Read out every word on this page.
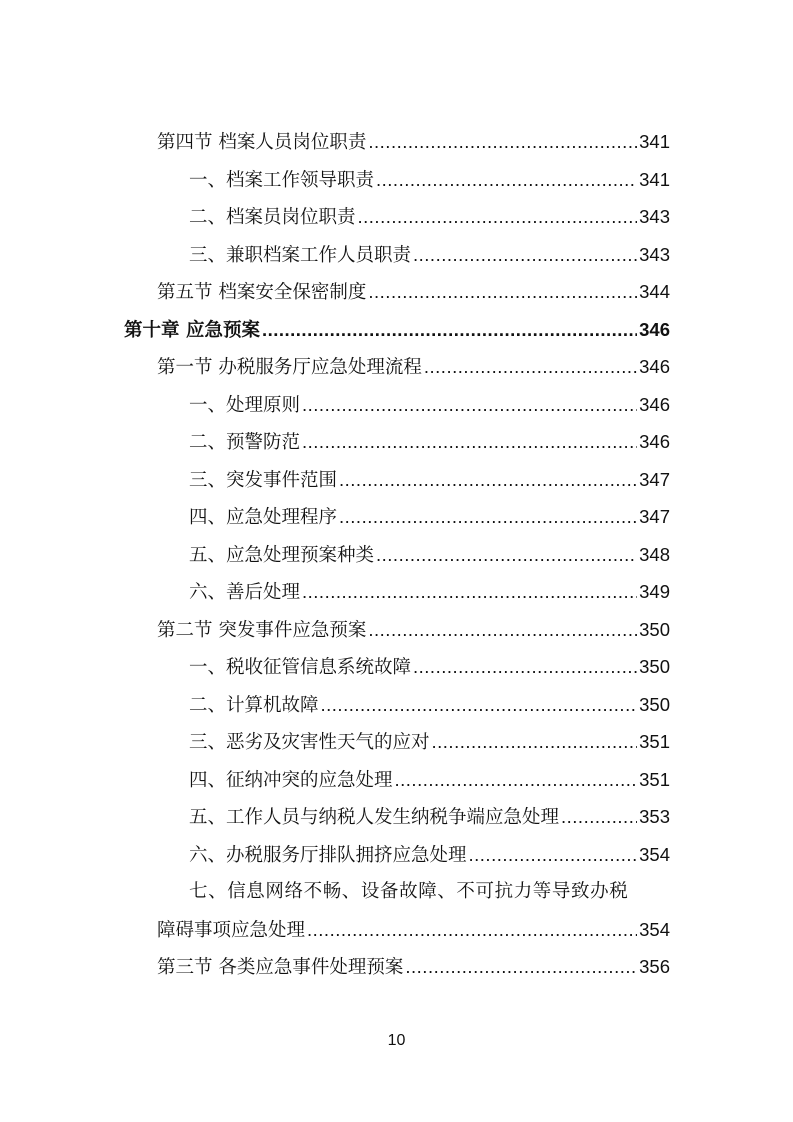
第四节 档案人员岗位职责 .....	341
一、档案工作领导职责 .....	341
二、档案员岗位职责 .....	343
三、兼职档案工作人员职责 .....	343
第五节 档案安全保密制度 .....	344
第十章 应急预案 .....	346
第一节 办税服务厅应急处理流程 .....	346
一、处理原则 .....	346
二、预警防范 .....	346
三、突发事件范围 .....	347
四、应急处理程序 .....	347
五、应急处理预案种类 .....	348
六、善后处理 .....	349
第二节 突发事件应急预案 .....	350
一、税收征管信息系统故障 .....	350
二、计算机故障 .....	350
三、恶劣及灾害性天气的应对 .....	351
四、征纳冲突的应急处理 .....	351
五、工作人员与纳税人发生纳税争端应急处理 .....	353
六、办税服务厅排队拥挤应急处理 .....	354
七、信息网络不畅、设备故障、不可抗力等导致办税
障碍事项应急处理 .....	354
第三节 各类应急事件处理预案 .....	356
10
